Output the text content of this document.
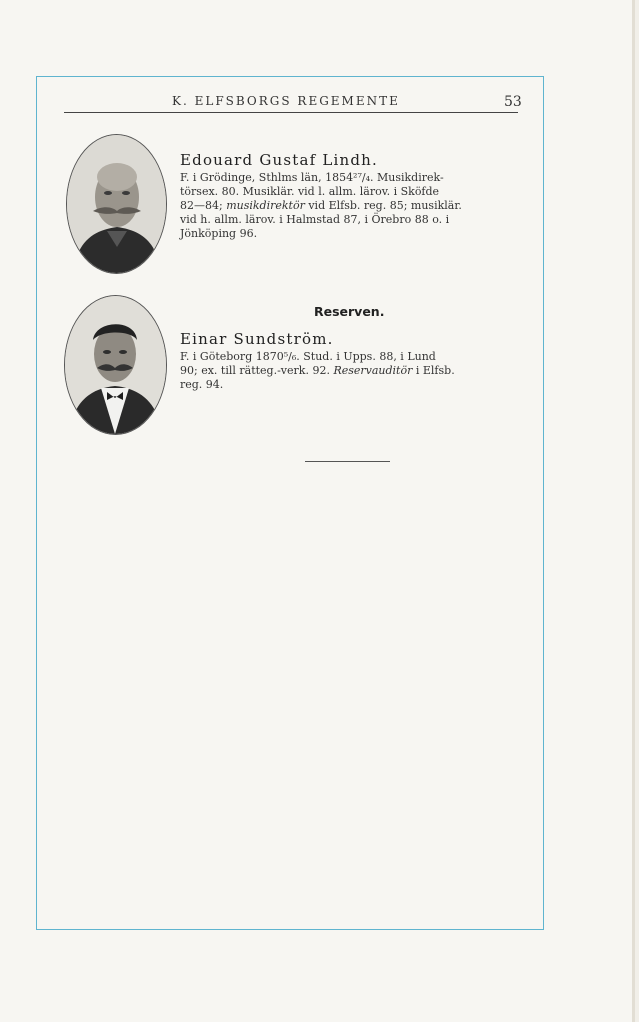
K. ELFSBORGS REGEMENTE	53
Edouard Gustaf Lindh.
F. i Grödinge, Sthlms län, 1854²⁷/₄. Musikdirek-
törsex. 80. Musiklär. vid l. allm. lärov. i Sköfde
82—84; musikdirektör vid Elfsb. reg. 85; musiklär.
vid h. allm. lärov. i Halmstad 87, i Örebro 88 o. i
Jönköping 96.
Reserven.
Einar Sundström.
F. i Göteborg 1870⁵/₆. Stud. i Upps. 88, i Lund
90; ex. till rätteg.-verk. 92. Reservauditör i Elfsb.
reg. 94.
